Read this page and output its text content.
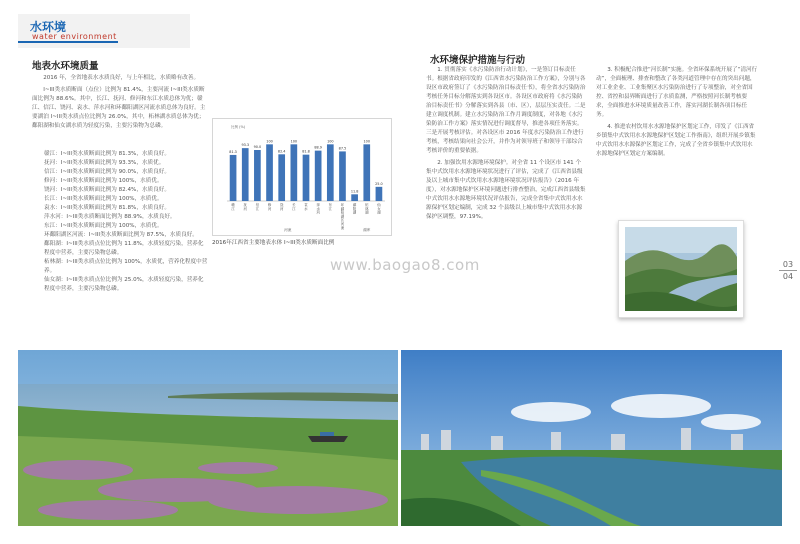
水环境
water environment
地表水环境质量

2016 年，全省地表水水质良好，与上年相比，水质略有改善。

I~III类水质断面（点位）比例为 81.4%，主要河流 I~III类水质断面比例为 88.6%。其中，长江、抚河、修河和东江水质总体为优；赣江、信江、饶河、袁水、萍水河和环鄱阳湖区河流水质总体为良好。主要湖泊 I~III类水质点位比例为 26.0%，其中，柘林湖水质总体为优；鄱阳湖和仙女湖水质为轻度污染，主要污染物为总磷。

赣江：I~III类水质断面比例为 81.3%，水质良好。

抚河：I~III类水质断面比例为 93.3%，水质优。

信江：I~III类水质断面比例为 90.0%，水质良好。

修河：I~III类水质断面比例为 100%，水质优。

饶河：I~III类水质断面比例为 82.4%，水质良好。

长江：I~III类水质断面比例为 100%，水质优。

袁水：I~III类水质断面比例为 81.8%，水质良好。

萍水河：I~III类水质断面比例为 88.9%，水质良好。

东江：I~III类水质断面比例为 100%，水质优。

环鄱阳湖区河流：I~III类水质断面比例为 87.5%，水质良好。

鄱阳湖：I~III类水质点位比例为 11.8%，水质轻度污染，营养化程度中营养，主要污染物总磷。

柘林湖：I~III类水质点位比例为 100%，水质优，营养化程度中营养。

仙女湖：I~III类水质点位比例为 25.0%，水质轻度污染，营养化程度中营养，主要污染物总磷。

比例 (%)
81.3
赣
江
93.3
抚
河
90.0
信
江
100
修
河
82.4
饶
河
100
长
江
81.8
袁
水
88.9
萍
水
河
100
东
江
87.5
环
鄱
阳
湖
区
河
流
11.8
鄱
阳
湖
100
柘
林
湖
25.0
仙
女
湖
河流	湖库
2016年江西省主要地表水体 I~III类水质断面比例
水环境保护措施与行动

1. 贯彻落实《水污染防治行动计划》，一是签订目标责任书。根据省政府印发的《江西省水污染防治工作方案》，分别与各设区市政府签订了《水污染防治目标责任书》，将全省水污染防治考核任务目标分解落实到各设区市。各设区市政府将《水污染防治目标责任书》分解落实到各县（市、区），层层压实责任。二是建立调度机制。建立水污染防治工作月调度制度，对各地《水污染防治工作方案》落实情况进行调度督导，推进各项任务落实。三是开展考核评估。对各设区市 2016 年度水污染防治工作进行考核，考核结果向社会公开，并作为对领导班子和领导干部综合考核评价的重要依据。

2. 加强饮用水源地环境保护。对全省 11 个设区市 141 个集中式饮用水水源地环境状况进行了评估，完成了《江西省县级及以上城市集中式饮用水水源地环境状况评估报告》（2016 年度），对水源地保护区环境问题进行排查整治，完成江西省县级集中式饮用水水源地环境状况评估报告，完成全省集中式饮用水水源保护区划定编制，完成 32 个县级以上城市集中式饮用水水源保护区调整，97.19%。

3. 积极配合推进“河长制”实施。全省环保系统开展了“清河行动”，全面梳理、排查和整改了各类河道管理中存在的突出问题，对工业企业、工业集聚区水污染防治进行了专项整治，对全省国控、省控和县界断面进行了水质监测，严格按照河长制考核要求，全面推进水环境质量改善工作，落实河湖长制各项目标任务。

4. 推进农村饮用水水源地保护区划定工作，印发了《江西省乡镇集中式饮用水水源地保护区划定工作指南》，组织开展乡镇集中式饮用水水源保护区划定工作，完成了全省乡镇集中式饮用水水源地保护区划定方案编制。

03
04
www.baogao8.com
